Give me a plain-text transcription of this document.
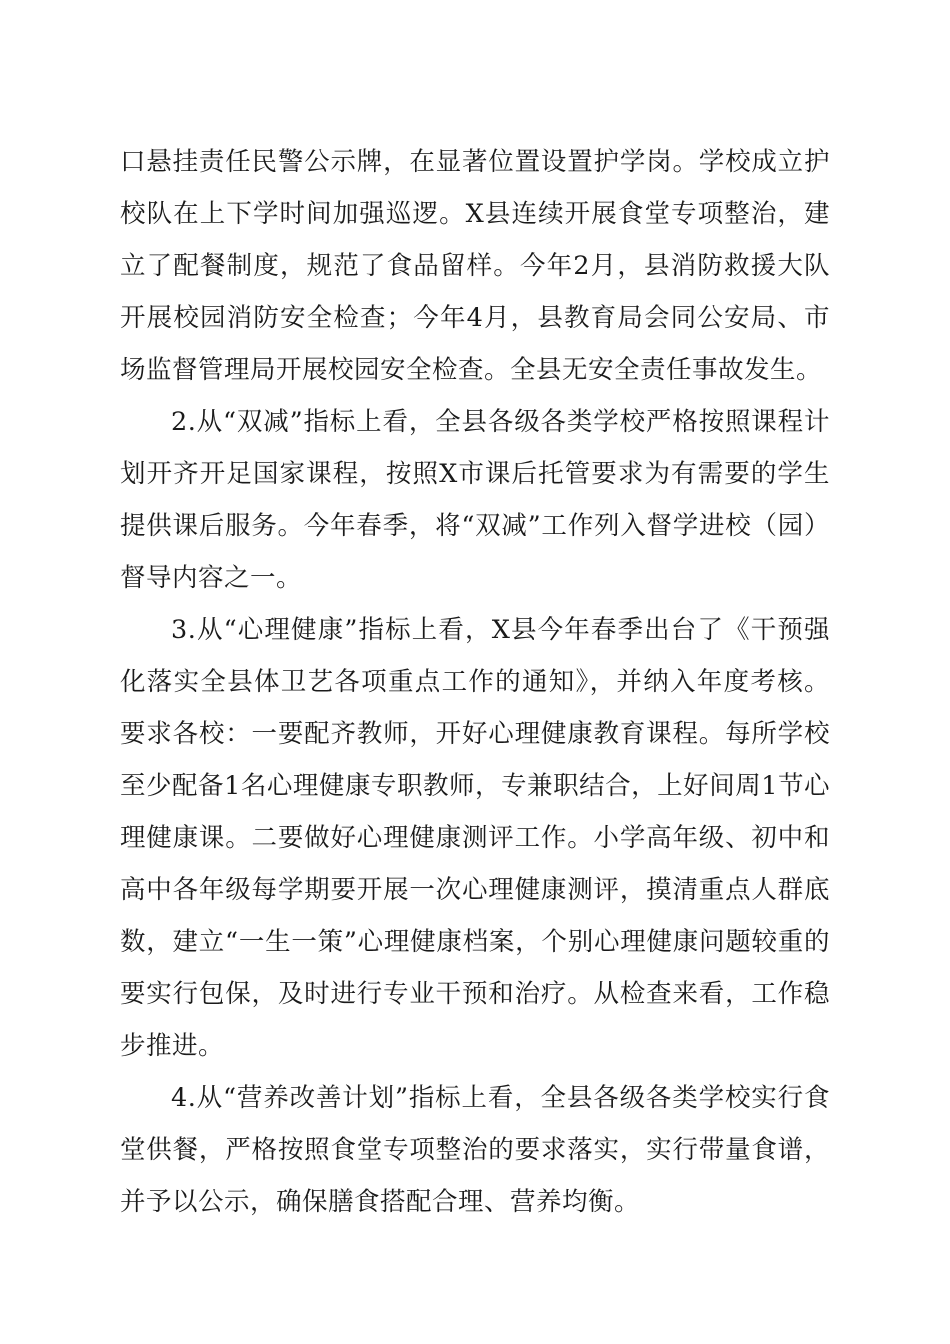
口悬挂责任民警公示牌，在显著位置设置护学岗。学校成立护校队在上下学时间加强巡逻。X县连续开展食堂专项整治，建立了配餐制度，规范了食品留样。今年2月，县消防救援大队开展校园消防安全检查；今年4月，县教育局会同公安局、市场监督管理局开展校园安全检查。全县无安全责任事故发生。

2.从“双减”指标上看，全县各级各类学校严格按照课程计划开齐开足国家课程，按照X市课后托管要求为有需要的学生提供课后服务。今年春季，将“双减”工作列入督学进校（园）督导内容之一。

3.从“心理健康”指标上看，X县今年春季出台了《干预强化落实全县体卫艺各项重点工作的通知》，并纳入年度考核。要求各校：一要配齐教师，开好心理健康教育课程。每所学校至少配备1名心理健康专职教师，专兼职结合，上好间周1节心理健康课。二要做好心理健康测评工作。小学高年级、初中和高中各年级每学期要开展一次心理健康测评，摸清重点人群底数，建立“一生一策”心理健康档案，个别心理健康问题较重的要实行包保，及时进行专业干预和治疗。从检查来看，工作稳步推进。

4.从“营养改善计划”指标上看，全县各级各类学校实行食堂供餐，严格按照食堂专项整治的要求落实，实行带量食谱，并予以公示，确保膳食搭配合理、营养均衡。
